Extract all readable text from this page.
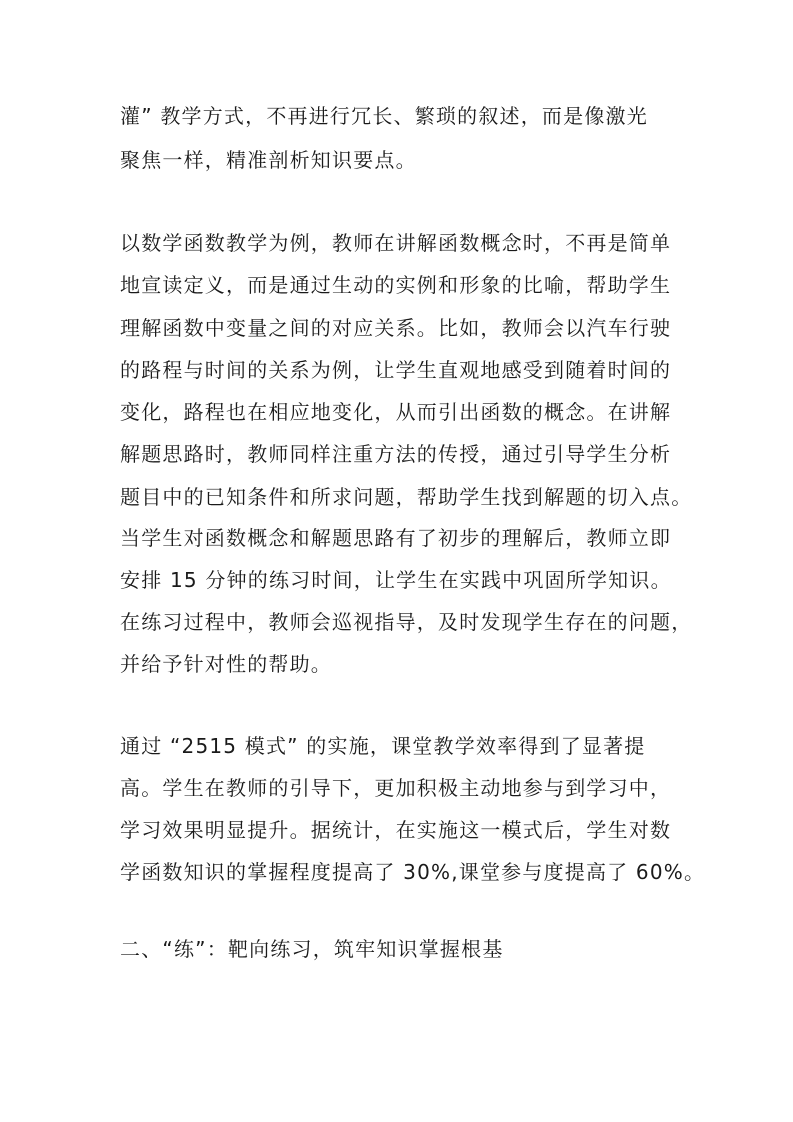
灌” 教学方式，不再进行冗长、繁琐的叙述，而是像激光
聚焦一样，精准剖析知识要点。
以数学函数教学为例，教师在讲解函数概念时，不再是简单
地宣读定义，而是通过生动的实例和形象的比喻，帮助学生
理解函数中变量之间的对应关系。比如，教师会以汽车行驶
的路程与时间的关系为例，让学生直观地感受到随着时间的
变化，路程也在相应地变化，从而引出函数的概念。在讲解
解题思路时，教师同样注重方法的传授，通过引导学生分析
题目中的已知条件和所求问题，帮助学生找到解题的切入点。
当学生对函数概念和解题思路有了初步的理解后，教师立即
安排 15 分钟的练习时间，让学生在实践中巩固所学知识。
在练习过程中，教师会巡视指导，及时发现学生存在的问题，
并给予针对性的帮助。
通过 “2515 模式” 的实施，课堂教学效率得到了显著提
高。学生在教师的引导下，更加积极主动地参与到学习中，
学习效果明显提升。据统计，在实施这一模式后，学生对数
学函数知识的掌握程度提高了 30%,课堂参与度提高了 60%。
二、“练”：靶向练习，筑牢知识掌握根基
